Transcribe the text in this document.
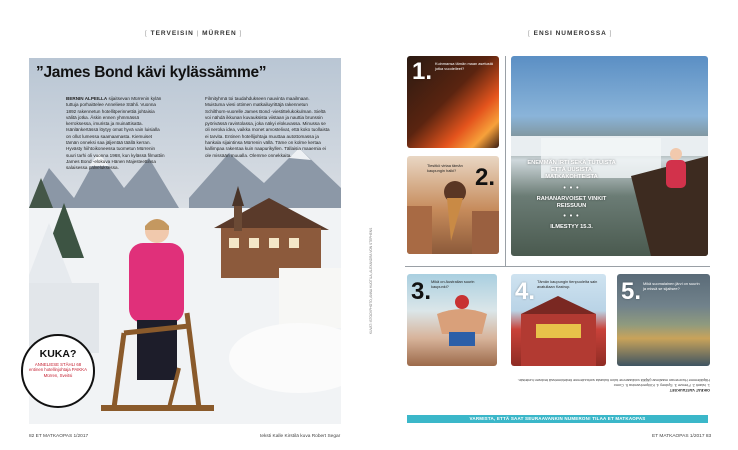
[ TERVEISIN | MÜRREN ]
”James Bond kävi kylässämme”
BERNIN ALPEILLA sijaitsevan Mürrenin kylän tuttuja porhaittelee Anneliese Stähli. Vuonna 1892 rakennetun hotellitperinnettiä johtaisia välitä jotka. Äskin ennen yhmmässä kerroksessa, imurista ja muinattisatta. Isänlänkertässä löytyy omat hyvä vain luisialla on ollut lumessa saamaamasta. Kiemuiset tämän onneksi saa jäljentää täällä kerran. Hyvästy hiihtoikoneessa tuometun Mürrenin suuri tarhi oli vuonna 1968, kun kylässä filmattiin James Bond -elokuva Hänen Majesteettinsa salaisessa palveluksessa.
Filmityhmä toi taudahdukseen nauvinta maailmaan. Muistuma viesi ottimen matkailuyrittäjä rakennetun Schilthorn-vuorelle James Bond -viestittelukokulman. Sieltä voi nähdä ikkunan kuvauksista viistaan ja nauttia brunssin pyörivässä ravintolassa, joka näkyi elokuvassa. Minussa se oli neroka idea, vaikka monet arvostelivat, että koko tuollaista ei tarvita. Entinen hotellijohtaja muuttaa autottomassa ja hankala sijaintinsa Mürrenin vällä. Täme on kolme kertaa kallimpaa rakentaa kuin naapurikyllen. Tällaisia maaemia ei ole missään muualla. Olemme onnekkaita.
KUKA?
ANNELIESE STÄHLI 68 entinen hotellinjohtaja PAIKKA Mürren, Sveitsi
82 ET MATKAOPAS 1/2017	teksti Kalle Kirstilä kuva Robert Segar
KUVAT: ISTOCKPHOTO, ANNA HUOTILA, ALEXANDRA VON STEPHENS
[ ENSI NUMEROSSA ]
1. Kuinmansa tämän maan asetustä jotka vuodelleet?
ENEMMÄN IRTI SEKÄ TUTUISTA ETTÄ UUSISTA MATKAKOHTEISTA
• • •
RAHANARVOISET VINKIT REISSUUN
• • •
ILMESTYY 15.3.
2.
Tiesitkö virtaa tämän kaupungin halki?
3. Mikä on Australian suurin kaupunki?	4. Tämän kaupungin tienpuolelta sain avatullaan Kastrup.	5. Mikä suomalainen järvi on suurin ja missä se sijaitsee?
OIKEAT VASTAUKSET
1. Islanti 2. Firenze 3. Sydney 4. Kööpenhamina 5. Como
Häpäilemme Huomenan maailman jäljälä voidiaamme tulon tiukasta sorkuulemne tiedekimeissä teoksen tunteisiin.
VARMISTA, ETTÄ SAAT SEURAAVANKIN NUMERON! TILAA ET MATKAOPAS
ET MATKAOPAS 1/2017 83
